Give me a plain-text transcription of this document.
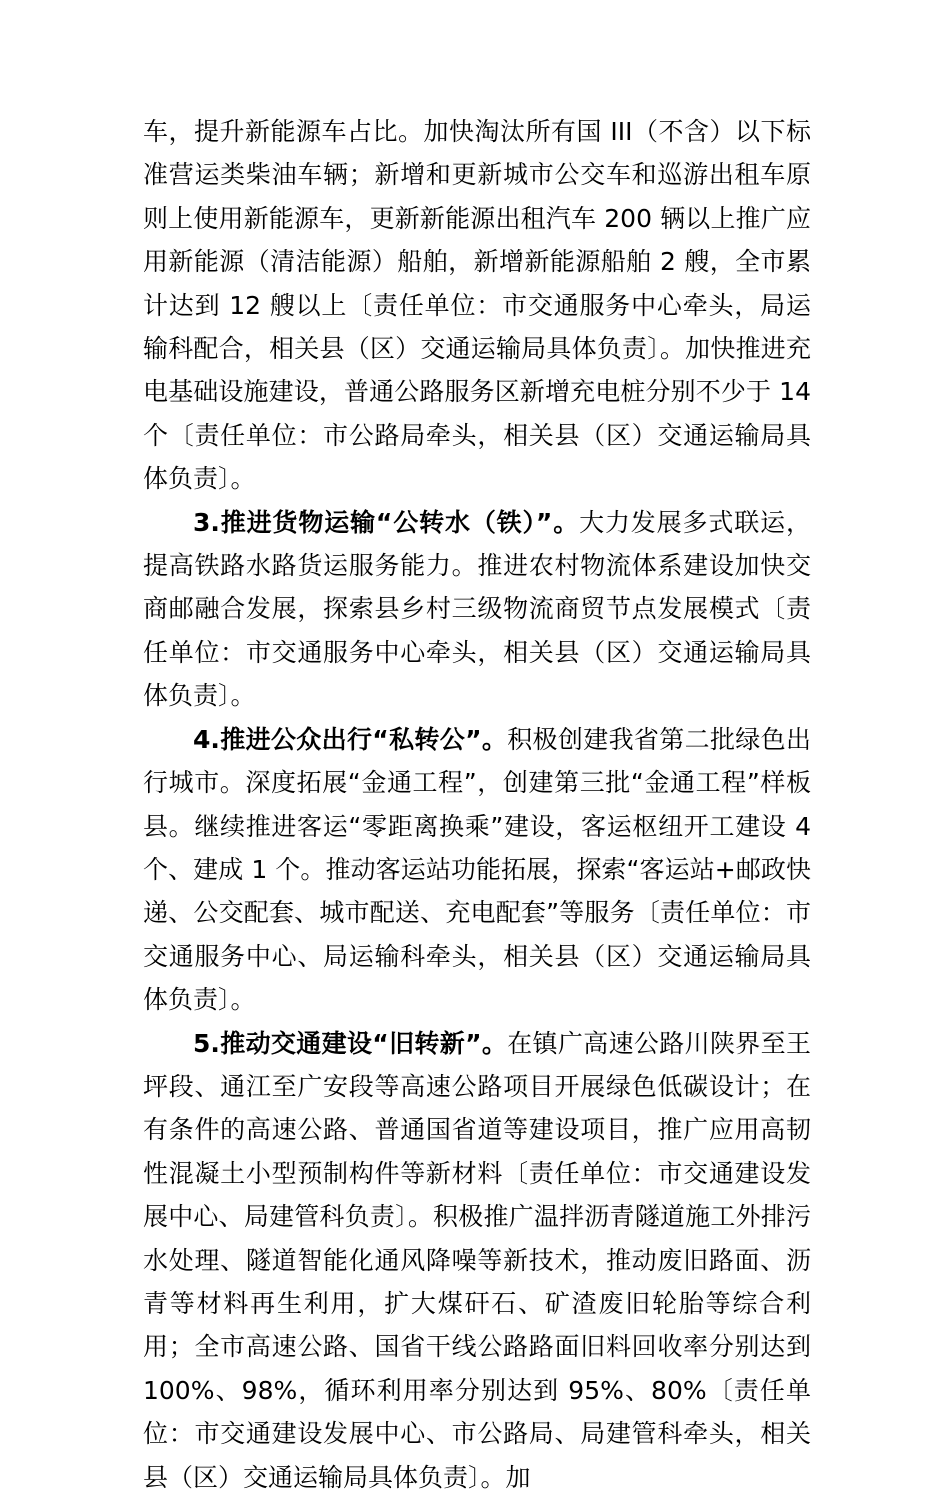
车，提升新能源车占比。加快淘汰所有国 III（不含）以下标准营运类柴油车辆；新增和更新城市公交车和巡游出租车原则上使用新能源车，更新新能源出租汽车 200 辆以上推广应用新能源（清洁能源）船舶，新增新能源船舶 2 艘，全市累计达到 12 艘以上〔责任单位：市交通服务中心牵头，局运输科配合，相关县（区）交通运输局具体负责〕。加快推进充电基础设施建设，普通公路服务区新增充电桩分别不少于 14 个〔责任单位：市公路局牵头，相关县（区）交通运输局具体负责〕。

3.推进货物运输“公转水（铁）”。大力发展多式联运，提高铁路水路货运服务能力。推进农村物流体系建设加快交商邮融合发展，探索县乡村三级物流商贸节点发展模式〔责任单位：市交通服务中心牵头，相关县（区）交通运输局具体负责〕。

4.推进公众出行“私转公”。积极创建我省第二批绿色出行城市。深度拓展“金通工程”，创建第三批“金通工程”样板县。继续推进客运“零距离换乘”建设，客运枢纽开工建设 4 个、建成 1 个。推动客运站功能拓展，探索“客运站+邮政快递、公交配套、城市配送、充电配套”等服务〔责任单位：市交通服务中心、局运输科牵头，相关县（区）交通运输局具体负责〕。

5.推动交通建设“旧转新”。在镇广高速公路川陕界至王坪段、通江至广安段等高速公路项目开展绿色低碳设计；在有条件的高速公路、普通国省道等建设项目，推广应用高韧性混凝土小型预制构件等新材料〔责任单位：市交通建设发展中心、局建管科负责〕。积极推广温拌沥青隧道施工外排污水处理、隧道智能化通风降噪等新技术，推动废旧路面、沥青等材料再生利用，扩大煤矸石、矿渣废旧轮胎等综合利用；全市高速公路、国省干线公路路面旧料回收率分别达到 100%、98%，循环利用率分别达到 95%、80%〔责任单位：市交通建设发展中心、市公路局、局建管科牵头，相关县（区）交通运输局具体负责〕。加
